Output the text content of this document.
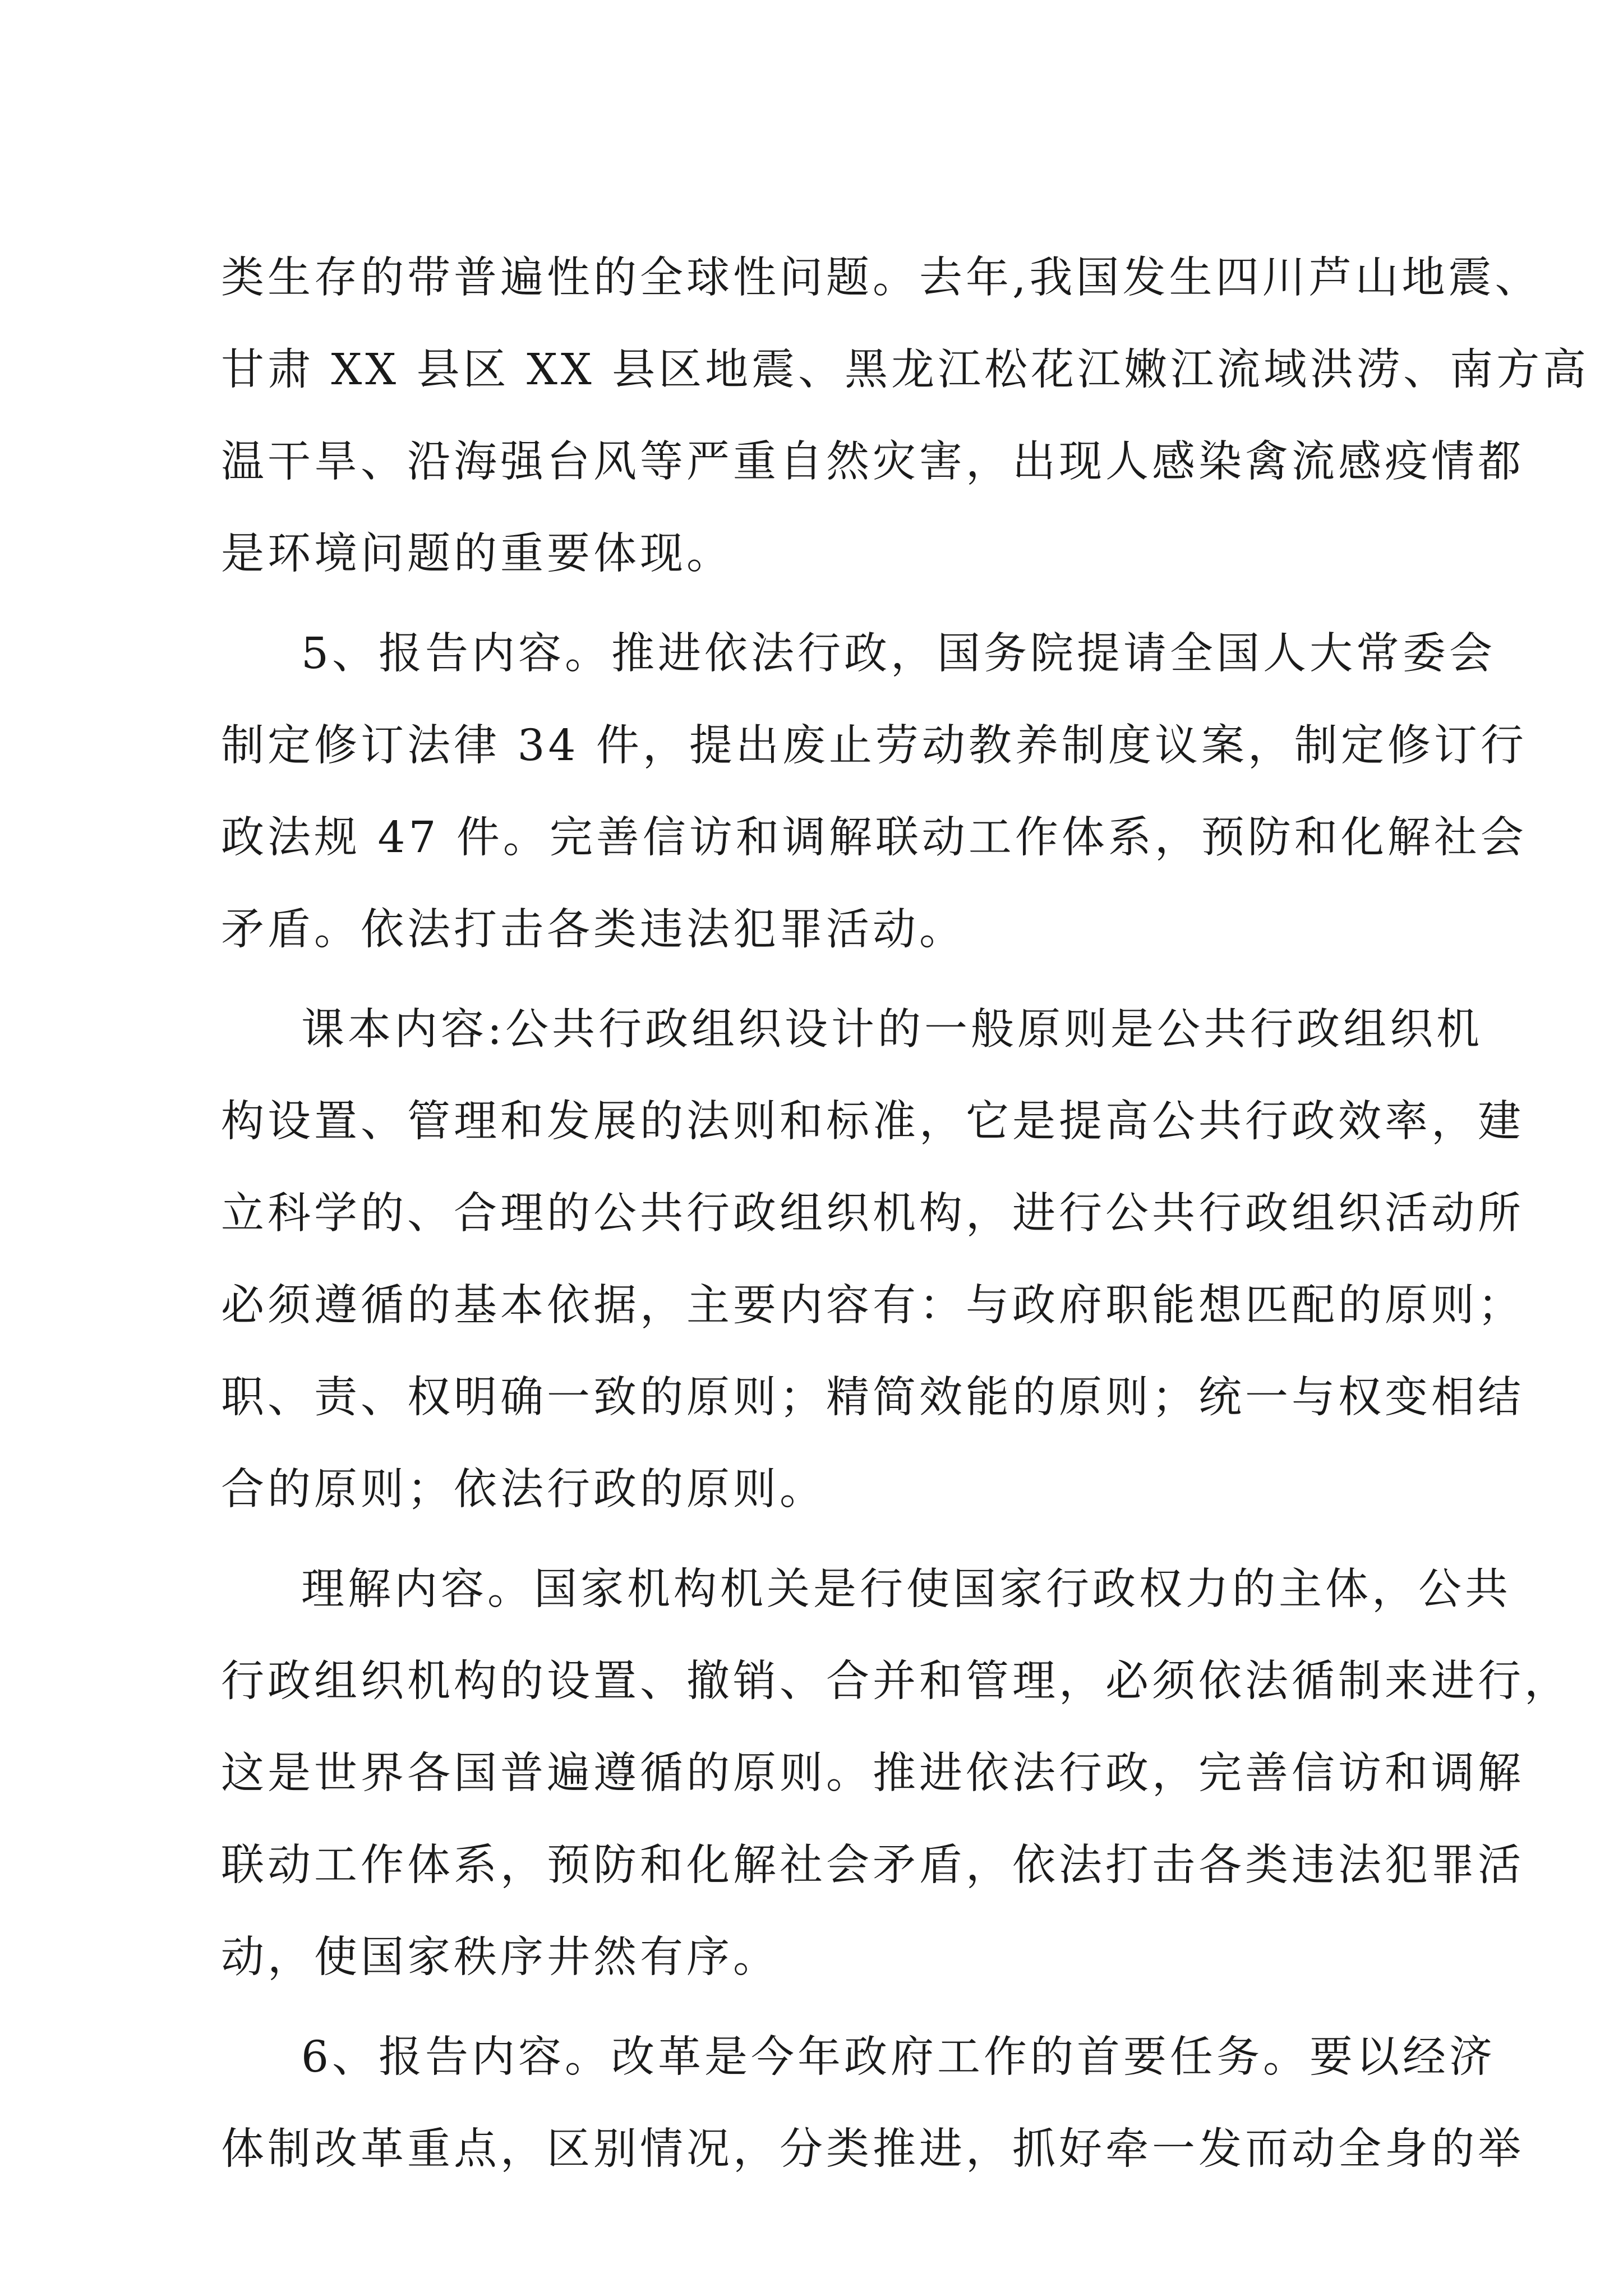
类生存的带普遍性的全球性问题。去年,我国发生四川芦山地震、
甘肃 XX 县区 XX 县区地震、黑龙江松花江嫩江流域洪涝、南方高
温干旱、沿海强台风等严重自然灾害，出现人感染禽流感疫情都
是环境问题的重要体现。
5、报告内容。推进依法行政，国务院提请全国人大常委会
制定修订法律 34 件，提出废止劳动教养制度议案，制定修订行
政法规 47 件。完善信访和调解联动工作体系，预防和化解社会
矛盾。依法打击各类违法犯罪活动。
课本内容:公共行政组织设计的一般原则是公共行政组织机
构设置、管理和发展的法则和标准，它是提高公共行政效率，建
立科学的、合理的公共行政组织机构，进行公共行政组织活动所
必须遵循的基本依据，主要内容有：与政府职能想匹配的原则；
职、责、权明确一致的原则；精简效能的原则；统一与权变相结
合的原则；依法行政的原则。
理解内容。国家机构机关是行使国家行政权力的主体，公共
行政组织机构的设置、撤销、合并和管理，必须依法循制来进行，
这是世界各国普遍遵循的原则。推进依法行政，完善信访和调解
联动工作体系，预防和化解社会矛盾，依法打击各类违法犯罪活
动，使国家秩序井然有序。
6、报告内容。改革是今年政府工作的首要任务。要以经济
体制改革重点，区别情况，分类推进，抓好牵一发而动全身的举
